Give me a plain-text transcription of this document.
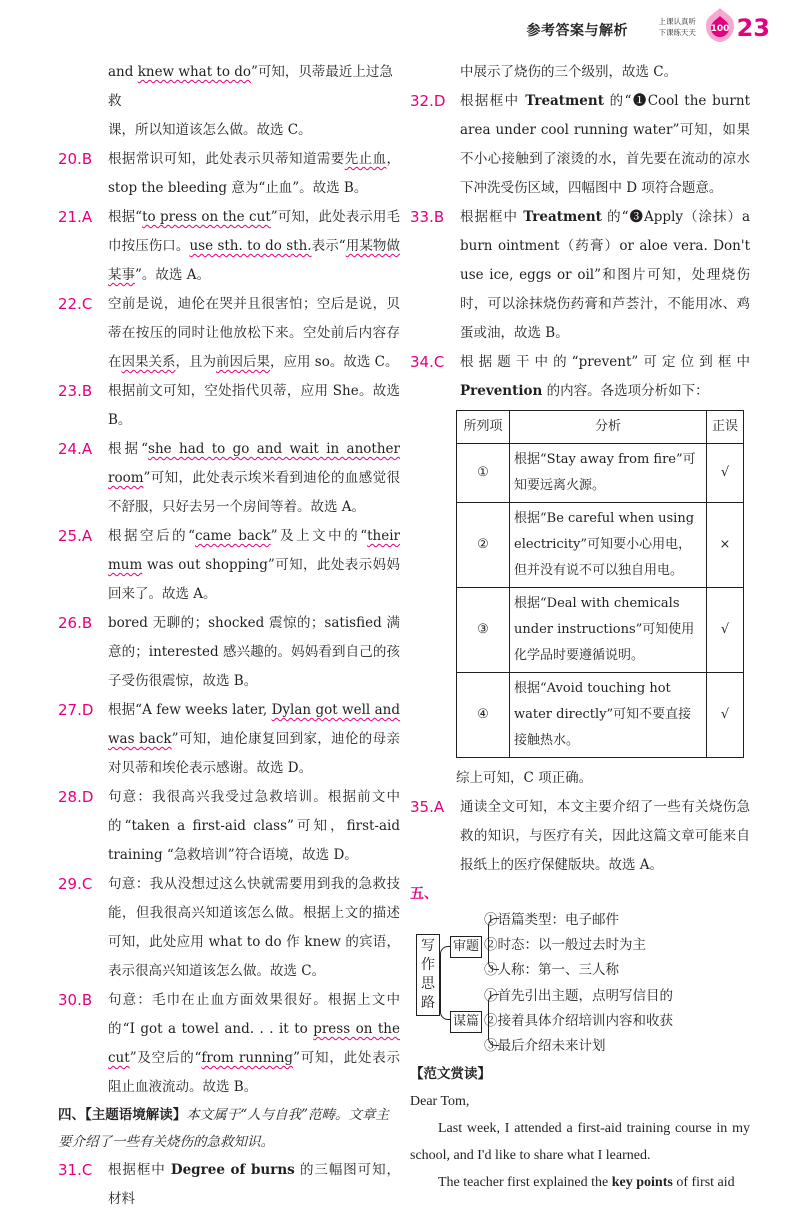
参考答案与解析
上课认真听
下课练天天 100 23
and knew what to do”可知，贝蒂最近上过急救
课，所以知道该怎么做。故选 C。
20.B	根据常识可知，此处表示贝蒂知道需要先止血，stop the bleeding 意为“止血”。故选 B。
21.A	根据“to press on the cut”可知，此处表示用毛巾按压伤口。use sth. to do sth.表示“用某物做某事”。故选 A。
22.C	空前是说，迪伦在哭并且很害怕；空后是说，贝蒂在按压的同时让他放松下来。空处前后内容存在因果关系，且为前因后果，应用 so。故选 C。
23.B	根据前文可知，空处指代贝蒂，应用 She。故选 B。
24.A	根据“she had to go and wait in another room”可知，此处表示埃米看到迪伦的血感觉很不舒服，只好去另一个房间等着。故选 A。
25.A	根据空后的“came back”及上文中的“their mum was out shopping”可知，此处表示妈妈回来了。故选 A。
26.B	bored 无聊的；shocked 震惊的；satisfied 满意的；interested 感兴趣的。妈妈看到自己的孩子受伤很震惊，故选 B。
27.D	根据“A few weeks later, Dylan got well and was back”可知，迪伦康复回到家，迪伦的母亲对贝蒂和埃伦表示感谢。故选 D。
28.D	句意：我很高兴我受过急救培训。根据前文中的“taken a first-aid class”可知，first-aid training “急救培训”符合语境，故选 D。
29.C	句意：我从没想过这么快就需要用到我的急救技能，但我很高兴知道该怎么做。根据上文的描述可知，此处应用 what to do 作 knew 的宾语，表示很高兴知道该怎么做。故选 C。
30.B	句意：毛巾在止血方面效果很好。根据上文中的“I got a towel and. . . it to press on the cut”及空后的“from running”可知，此处表示阻止血液流动。故选 B。
四、【主题语境解读】本文属于“人与自我”范畴。文章主要介绍了一些有关烧伤的急救知识。
31.C	根据框中 Degree of burns 的三幅图可知，材料
中展示了烧伤的三个级别，故选 C。
32.D	根据框中 Treatment 的“❶Cool the burnt area under cool running water”可知，如果不小心接触到了滚烫的水，首先要在流动的凉水下冲洗受伤区域，四幅图中 D 项符合题意。
33.B	根据框中 Treatment 的“❸Apply（涂抹）a burn ointment（药膏）or aloe vera. Don't use ice, eggs or oil”和图片可知，处理烧伤时，可以涂抹烧伤药膏和芦荟汁，不能用冰、鸡蛋或油，故选 B。
34.C	根据题干中的“prevent”可定位到框中 Prevention 的内容。各选项分析如下：
所列项	分析	正误
①	根据“Stay away from fire”可知要远离火源。	√
②	根据“Be careful when using electricity”可知要小心用电，但并没有说不可以独自用电。	×
③	根据“Deal with chemicals under instructions”可知使用化学品时要遵循说明。	√
④	根据“Avoid touching hot water directly”可知不要直接接触热水。	√
综上可知，C 项正确。
35.A	通读全文可知，本文主要介绍了一些有关烧伤急救的知识，与医疗有关，因此这篇文章可能来自报纸上的医疗保健版块。故选 A。
五、
写作思路
审题
①语篇类型：电子邮件
②时态：以一般过去时为主
③人称：第一、三人称
谋篇
①首先引出主题，点明写信目的
②接着具体介绍培训内容和收获
③最后介绍未来计划
【范文赏读】

Dear Tom,

Last week, I attended a first-aid training course in my school, and I'd like to share what I learned.

The teacher first explained the key points of first aid
